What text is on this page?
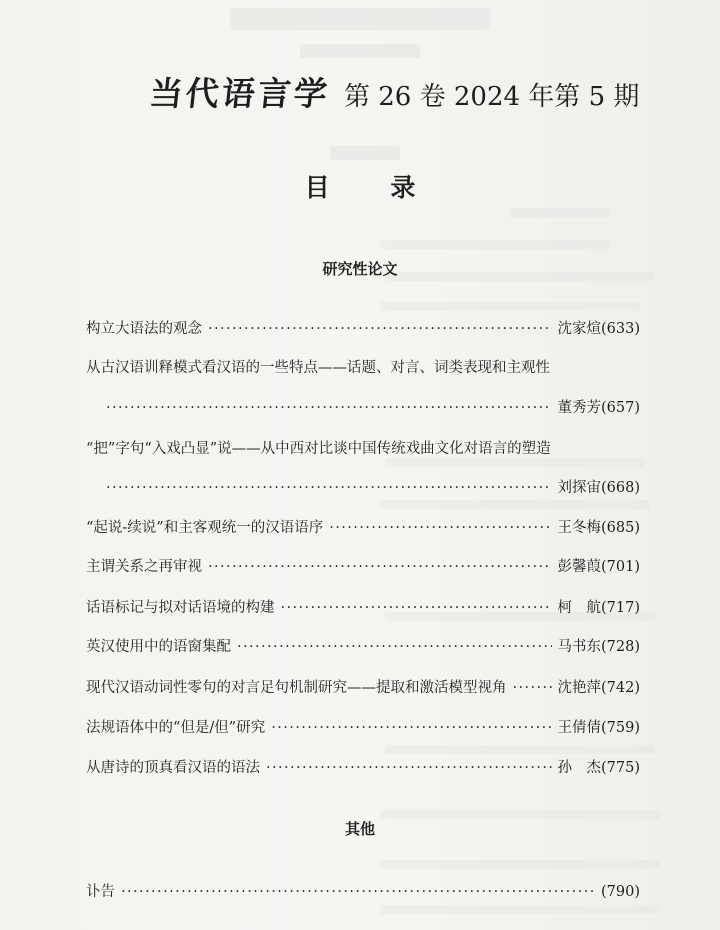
当代语言学 第 26 卷 2024 年第 5 期
目 录
研究性论文
构立大语法的观念 ·····	沈家煊 (633)
从古汉语训释模式看汉语的一些特点——话题、对言、词类表现和主观性
·····
董秀芳 (657)
“把”字句“入戏凸显”说——从中西对比谈中国传统戏曲文化对语言的塑造
·····
刘探宙 (668)
“起说-续说”和主客观统一的汉语语序 ·····	王冬梅 (685)
主谓关系之再审视 ·····	彭馨葭 (701)
话语标记与拟对话语境的构建 ·····	柯　航 (717)
英汉使用中的语窗集配 ·····	马书东 (728)
现代汉语动词性零句的对言足句机制研究——提取和激活模型视角 ·····	沈艳萍 (742)
法规语体中的“但是/但”研究 ·····	王倩倩 (759)
从唐诗的顶真看汉语的语法 ·····	孙　杰 (775)
其他
讣告 ·····	(790)
